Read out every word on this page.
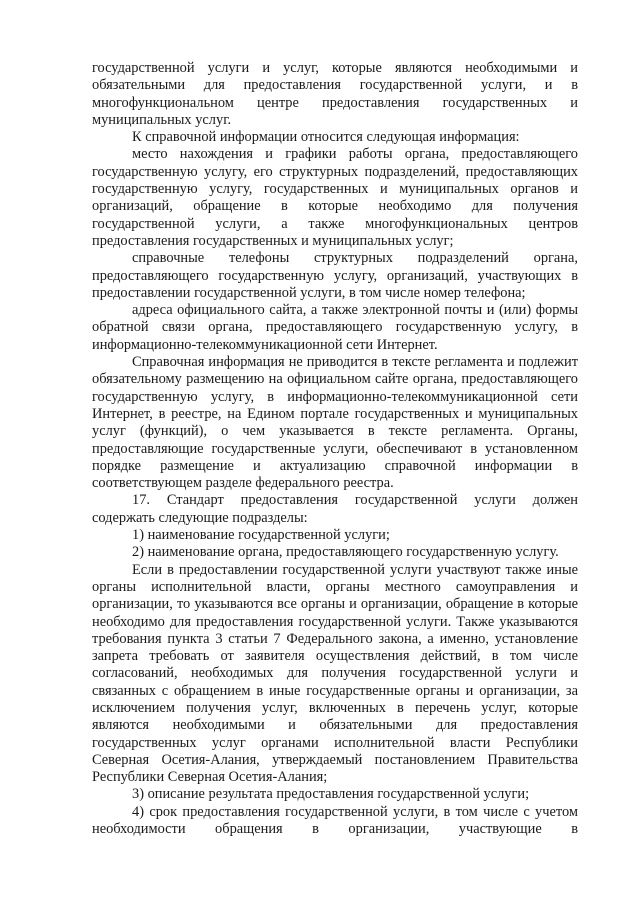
государственной услуги и услуг, которые являются необходимыми и обязательными для предоставления государственной услуги, и в многофункциональном центре предоставления государственных и муниципальных услуг.

К справочной информации относится следующая информация:

место нахождения и графики работы органа, предоставляющего государственную услугу, его структурных подразделений, предоставляющих государственную услугу, государственных и муниципальных органов и организаций, обращение в которые необходимо для получения государственной услуги, а также многофункциональных центров предоставления государственных и муниципальных услуг;

справочные телефоны структурных подразделений органа, предоставляющего государственную услугу, организаций, участвующих в предоставлении государственной услуги, в том числе номер телефона;

адреса официального сайта, а также электронной почты и (или) формы обратной связи органа, предоставляющего государственную услугу, в информационно-телекоммуникационной сети Интернет.

Справочная информация не приводится в тексте регламента и подлежит обязательному размещению на официальном сайте органа, предоставляющего государственную услугу, в информационно-телекоммуникационной сети Интернет, в реестре, на Едином портале государственных и муниципальных услуг (функций), о чем указывается в тексте регламента. Органы, предоставляющие государственные услуги, обеспечивают в установленном порядке размещение и актуализацию справочной информации в соответствующем разделе федерального реестра.

17. Стандарт предоставления государственной услуги должен содержать следующие подразделы:

1) наименование государственной услуги;

2) наименование органа, предоставляющего государственную услугу.

Если в предоставлении государственной услуги участвуют также иные органы исполнительной власти, органы местного самоуправления и организации, то указываются все органы и организации, обращение в которые необходимо для предоставления государственной услуги. Также указываются требования пункта 3 статьи 7 Федерального закона, а именно, установление запрета требовать от заявителя осуществления действий, в том числе согласований, необходимых для получения государственной услуги и связанных с обращением в иные государственные органы и организации, за исключением получения услуг, включенных в перечень услуг, которые являются необходимыми и обязательными для предоставления государственных услуг органами исполнительной власти Республики Северная Осетия-Алания, утверждаемый постановлением Правительства Республики Северная Осетия-Алания;

3) описание результата предоставления государственной услуги;

4) срок предоставления государственной услуги, в том числе с учетом необходимости обращения в организации, участвующие в
